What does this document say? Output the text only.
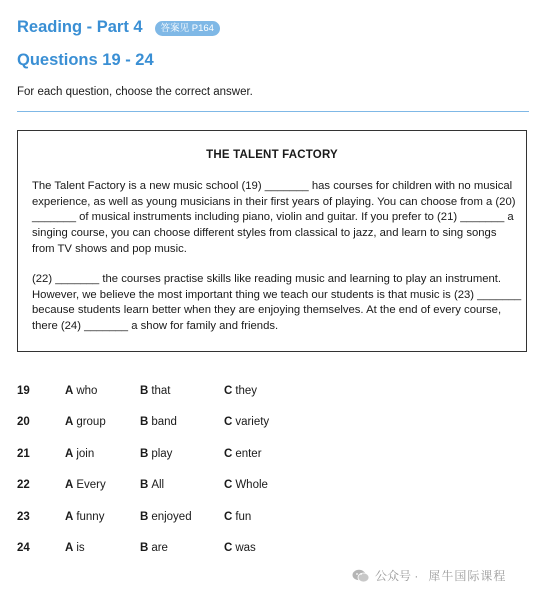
Reading - Part 4	答案见 P164
Questions 19 - 24
For each question, choose the correct answer.
THE TALENT FACTORY

The Talent Factory is a new music school (19) _______ has courses for children with no musical experience, as well as young musicians in their first years of playing. You can choose from a (20) _______ of musical instruments including piano, violin and guitar. If you prefer to (21) _______ a singing course, you can choose different styles from classical to jazz, and learn to sing songs from TV shows and pop music.

(22) _______ the courses practise skills like reading music and learning to play an instrument. However, we believe the most important thing we teach our students is that music is (23) _______ because students learn better when they are enjoying themselves. At the end of every course, there (24) _______ a show for family and friends.

19	A who	B that	C they
20	A group	B band	C variety
21	A join	B play	C enter
22	A Every	B All	C Whole
23	A funny	B enjoyed	C fun
24	A is	B are	C was
公众号 · 犀牛国际课程
